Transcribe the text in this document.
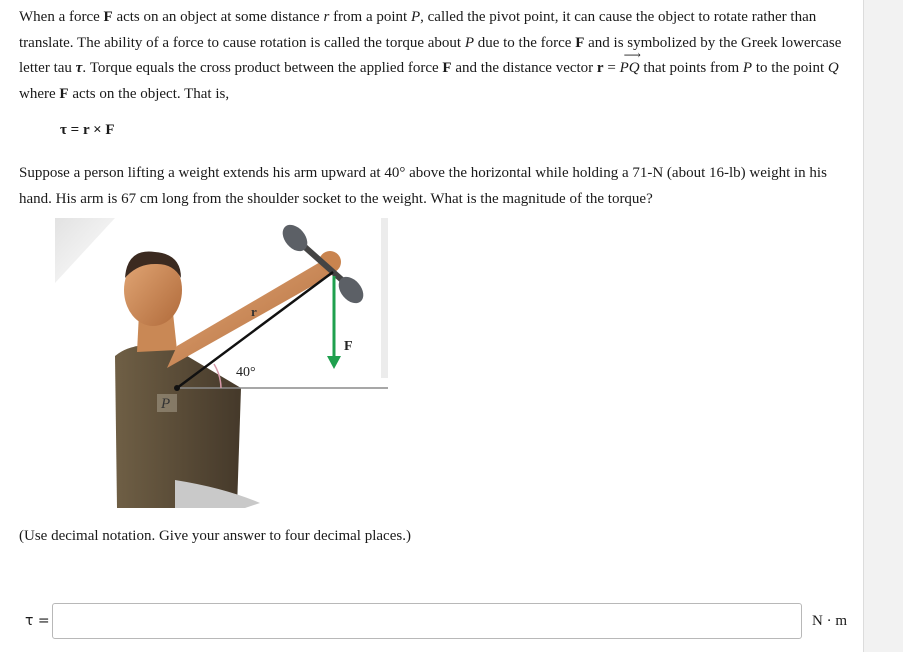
When a force F acts on an object at some distance r from a point P, called the pivot point, it can cause the object to rotate rather than translate. The ability of a force to cause rotation is called the torque about P due to the force F and is symbolized by the Greek lowercase letter tau τ. Torque equals the cross product between the applied force F and the distance vector r =
⟶
PQ that points from P to the point Q where F acts on the object. That is,

τ = r × F

Suppose a person lifting a weight extends his arm upward at 40° above the horizontal while holding a 71-N (about 16-lb) weight in his hand. His arm is 67 cm long from the shoulder socket to the weight. What is the magnitude of the torque?

r
F
40°
P

(Use decimal notation. Give your answer to four decimal places.)

τ =	N · m
